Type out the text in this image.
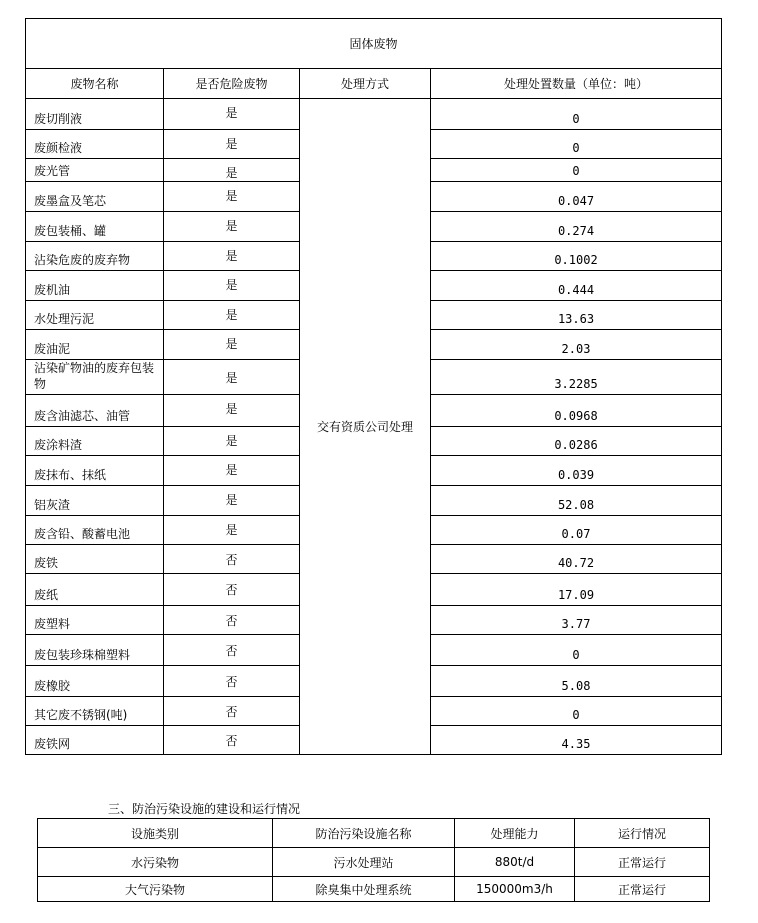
固体废物			
废物名称	是否危险废物	处理方式	处理处置数量（单位：吨）

废切削液	是	交有资质公司处理	0

废颜检液	是		0

废光管	是		0

废墨盒及笔芯	是		0.047

废包装桶、罐	是		0.274

沾染危废的废弃物	是		0.1002

废机油	是		0.444

水处理污泥	是		13.63

废油泥	是		2.03

沾染矿物油的废弃包装物	是		3.2285

废含油滤芯、油管	是		0.0968

废涂料渣	是		0.0286

废抹布、抹纸	是		0.039

铝灰渣	是		52.08

废含铅、酸蓄电池	是		0.07

废铁	否		40.72

废纸	否		17.09

废塑料	否		3.77

废包装珍珠棉塑料	否		0

废橡胶	否		5.08

其它废不锈钢(吨)	否		0

废铁网	否		4.35
三、防治污染设施的建设和运行情况
设施类别	防治污染设施名称	处理能力	运行情况
水污染物	污水处理站	880t/d	正常运行
大气污染物	除臭集中处理系统	150000m3/h	正常运行
